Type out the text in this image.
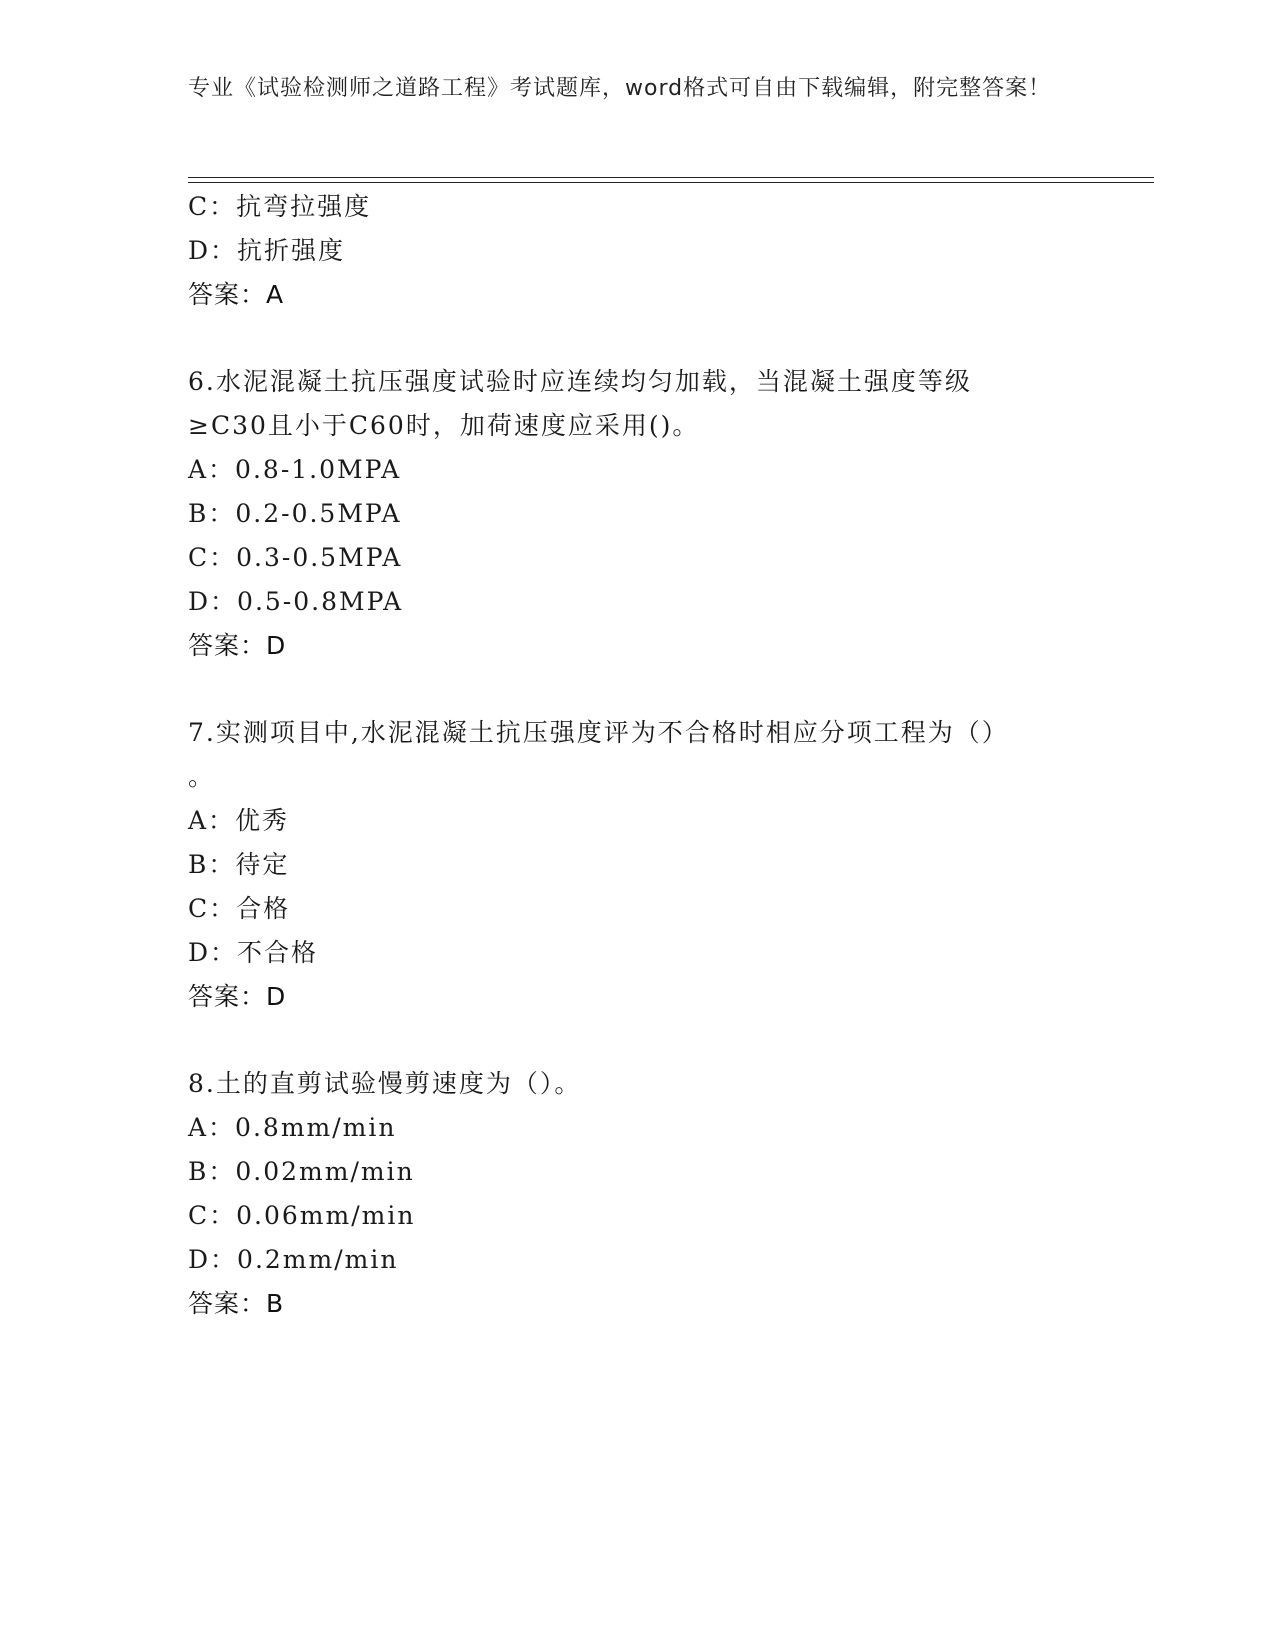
专业《试验检测师之道路工程》考试题库，word格式可自由下载编辑，附完整答案！
C：抗弯拉强度
D：抗折强度
答案：A
6.水泥混凝土抗压强度试验时应连续均匀加载，当混凝土强度等级
≥C30且小于C60时，加荷速度应采用()。
A：0.8-1.0MPA
B：0.2-0.5MPA
C：0.3-0.5MPA
D：0.5-0.8MPA
答案：D
7.实测项目中,水泥混凝土抗压强度评为不合格时相应分项工程为（）
。
A：优秀
B：待定
C：合格
D：不合格
答案：D
8.土的直剪试验慢剪速度为（）。
A：0.8mm/min
B：0.02mm/min
C：0.06mm/min
D：0.2mm/min
答案：B
